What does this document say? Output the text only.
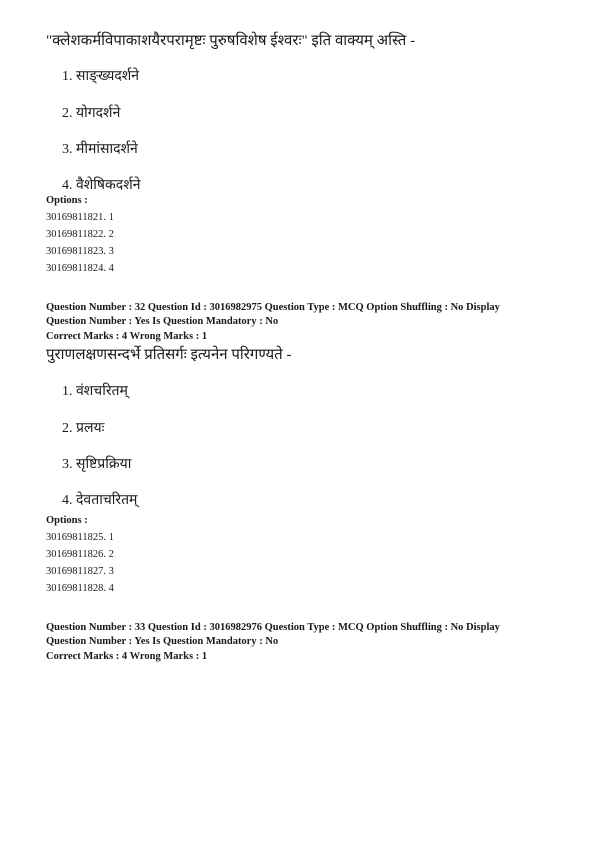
"क्लेशकर्मविपाकाशयैरपरामृष्टः पुरुषविशेष ईश्वरः" इति वाक्यम् अस्ति -
1. साङ्ख्यदर्शने
2. योगदर्शने
3. मीमांसादर्शने
4. वैशेषिकदर्शने
Options :
30169811821. 1
30169811822. 2
30169811823. 3
30169811824. 4
Question Number : 32 Question Id : 3016982975 Question Type : MCQ Option Shuffling : No Display
Question Number : Yes Is Question Mandatory : No
Correct Marks : 4 Wrong Marks : 1
पुराणलक्षणसन्दर्भे प्रतिसर्गः इत्यनेन परिगण्यते -
1. वंशचरितम्
2. प्रलयः
3. सृष्टिप्रक्रिया
4. देवताचरितम्
Options :
30169811825. 1
30169811826. 2
30169811827. 3
30169811828. 4
Question Number : 33 Question Id : 3016982976 Question Type : MCQ Option Shuffling : No Display
Question Number : Yes Is Question Mandatory : No
Correct Marks : 4 Wrong Marks : 1
